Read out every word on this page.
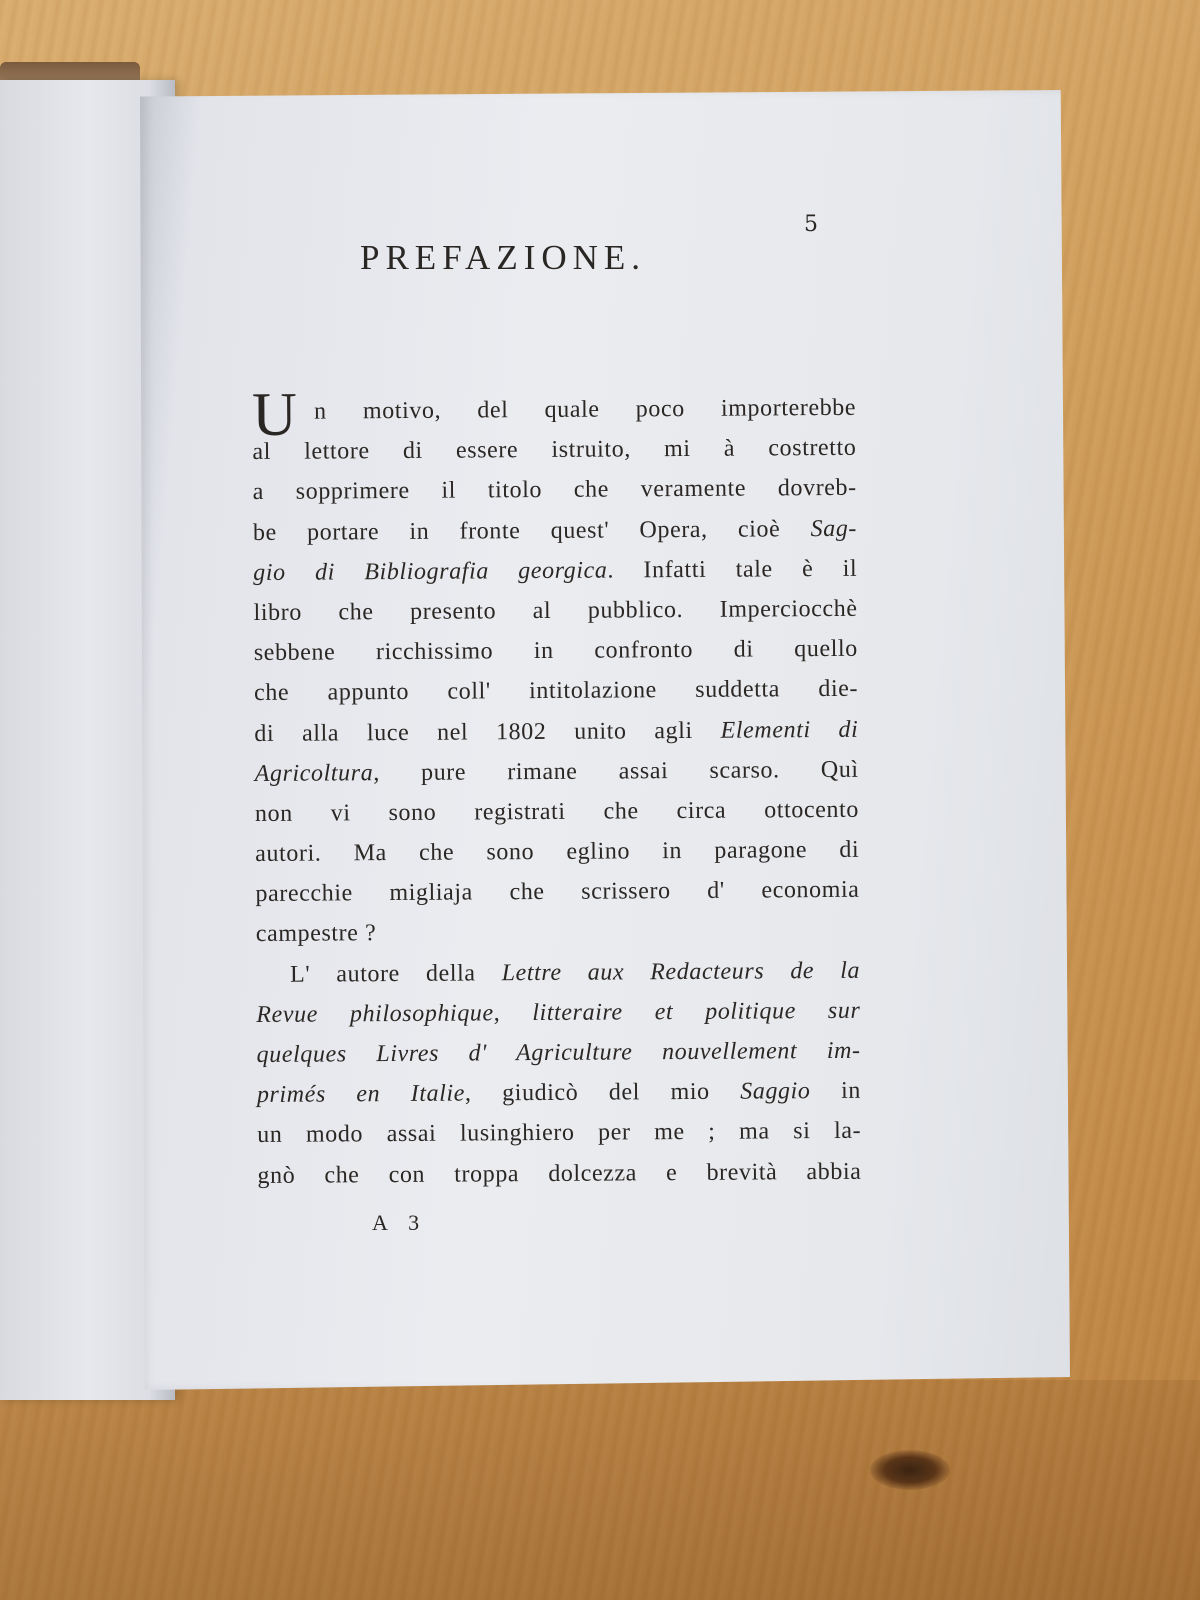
5
PREFAZIONE.
U n motivo, del quale poco importerebbe
al lettore di essere istruito, mi à costretto
a sopprimere il titolo che veramente dovreb-
be portare in fronte quest' Opera, cioè Sag-
gio di Bibliografia georgica. Infatti tale è il
libro che presento al pubblico. Imperciocchè
sebbene ricchissimo in confronto di quello
che appunto coll' intitolazione suddetta die-
di alla luce nel 1802 unito agli Elementi di
Agricoltura, pure rimane assai scarso. Quì
non vi sono registrati che circa ottocento
autori. Ma che sono eglino in paragone di
parecchie migliaja che scrissero d' economia
campestre ?
L' autore della Lettre aux Redacteurs de la
Revue philosophique, litteraire et politique sur
quelques Livres d' Agriculture nouvellement im-
primés en Italie, giudicò del mio Saggio in
un modo assai lusinghiero per me ; ma si la-
gnò che con troppa dolcezza e brevità abbia
A 3
